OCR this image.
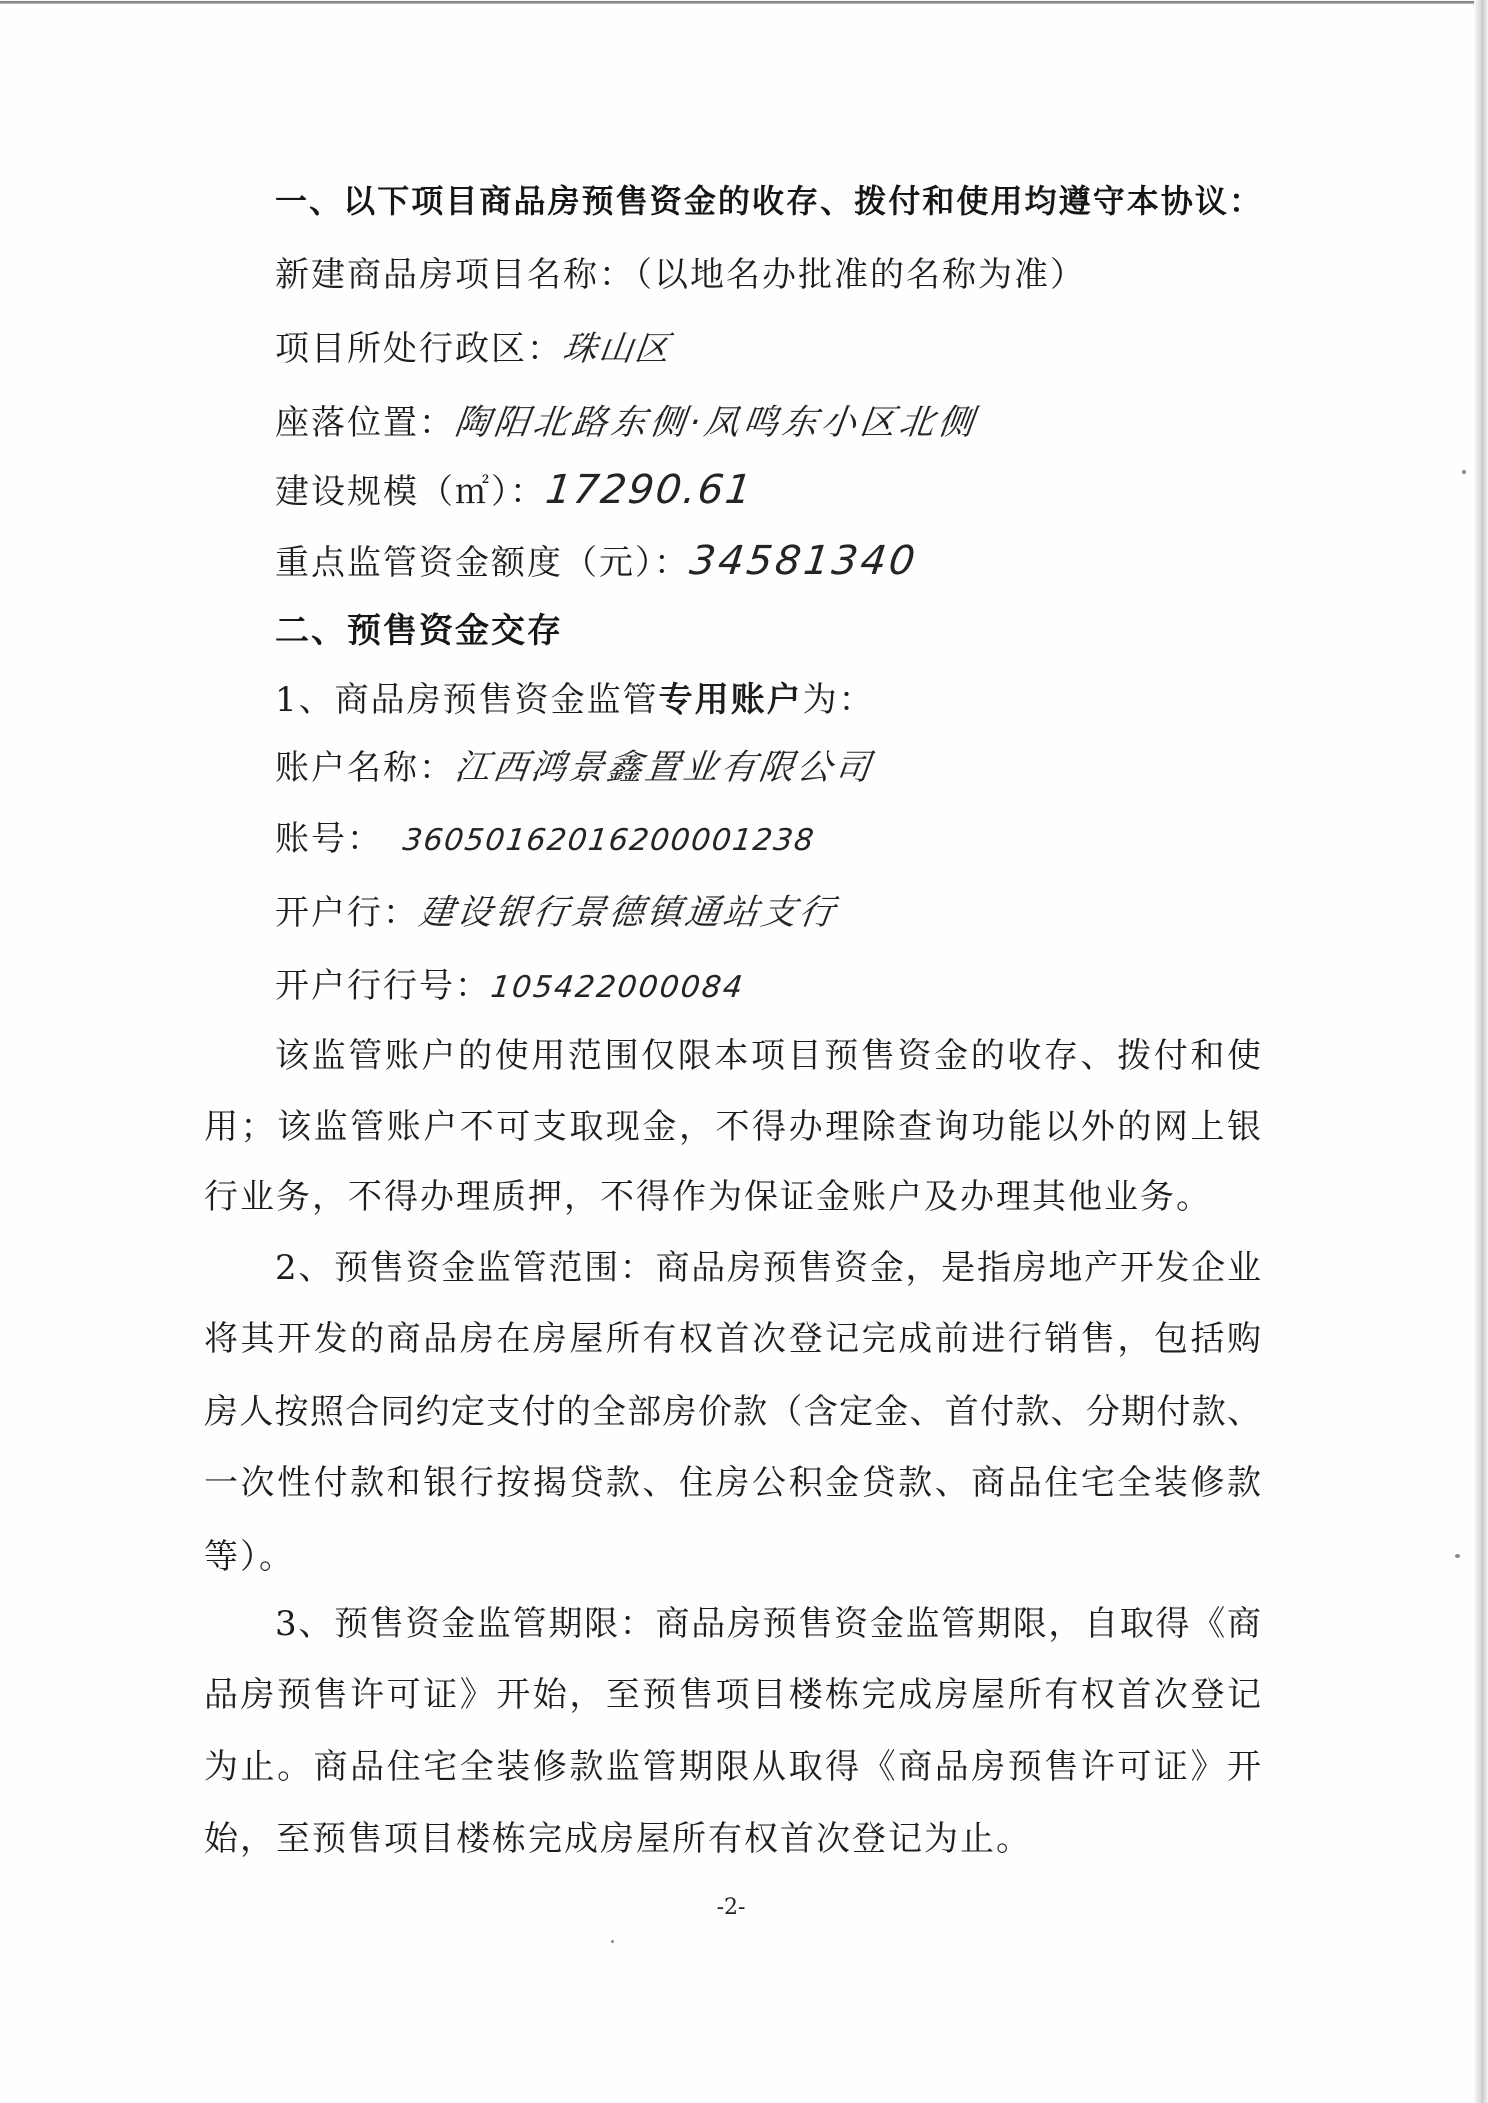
一、以下项目商品房预售资金的收存、拨付和使用均遵守本协议：
新建商品房项目名称：（以地名办批准的名称为准）
项目所处行政区：珠山区
座落位置：陶阳北路东侧·凤鸣东小区北侧
建设规模（㎡）：17290.61
重点监管资金额度（元）：34581340
二、预售资金交存
1、商品房预售资金监管专用账户为：
账户名称：江西鸿景鑫置业有限公司
账号： 36050162016200001238
开户行：建设银行景德镇通站支行
开户行行号：105422000084
该监管账户的使用范围仅限本项目预售资金的收存、拨付和使
用；该监管账户不可支取现金，不得办理除查询功能以外的网上银
行业务，不得办理质押，不得作为保证金账户及办理其他业务。
2、预售资金监管范围：商品房预售资金，是指房地产开发企业
将其开发的商品房在房屋所有权首次登记完成前进行销售，包括购
房人按照合同约定支付的全部房价款（含定金、首付款、分期付款、
一次性付款和银行按揭贷款、住房公积金贷款、商品住宅全装修款
等）。
3、预售资金监管期限：商品房预售资金监管期限，自取得《商
品房预售许可证》开始，至预售项目楼栋完成房屋所有权首次登记
为止。商品住宅全装修款监管期限从取得《商品房预售许可证》开
始，至预售项目楼栋完成房屋所有权首次登记为止。
-2-
